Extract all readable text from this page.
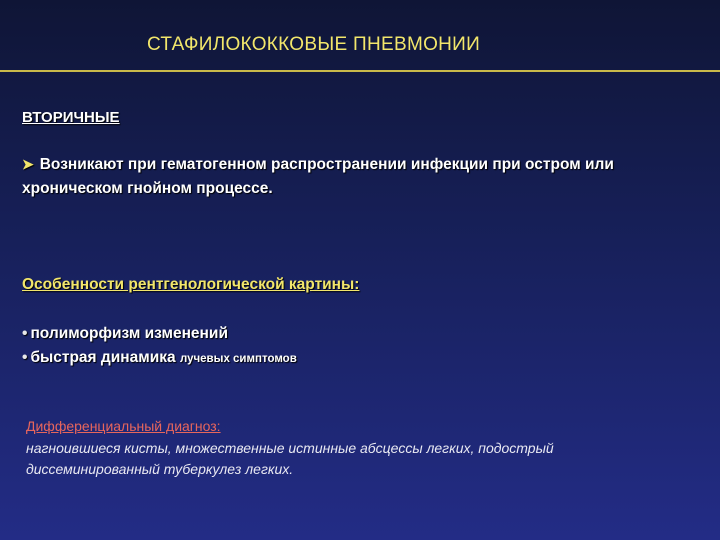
СТАФИЛОКОККОВЫЕ ПНЕВМОНИИ
ВТОРИЧНЫЕ
➤ Возникают при гематогенном распространении инфекции при остром или хроническом гнойном процессе.
Особенности рентгенологической картины:
• полиморфизм изменений
• быстрая динамика лучевых симптомов
Дифференциальный диагноз:
нагноившиеся кисты, множественные истинные абсцессы легких, подострый диссеминированный туберкулез легких.
